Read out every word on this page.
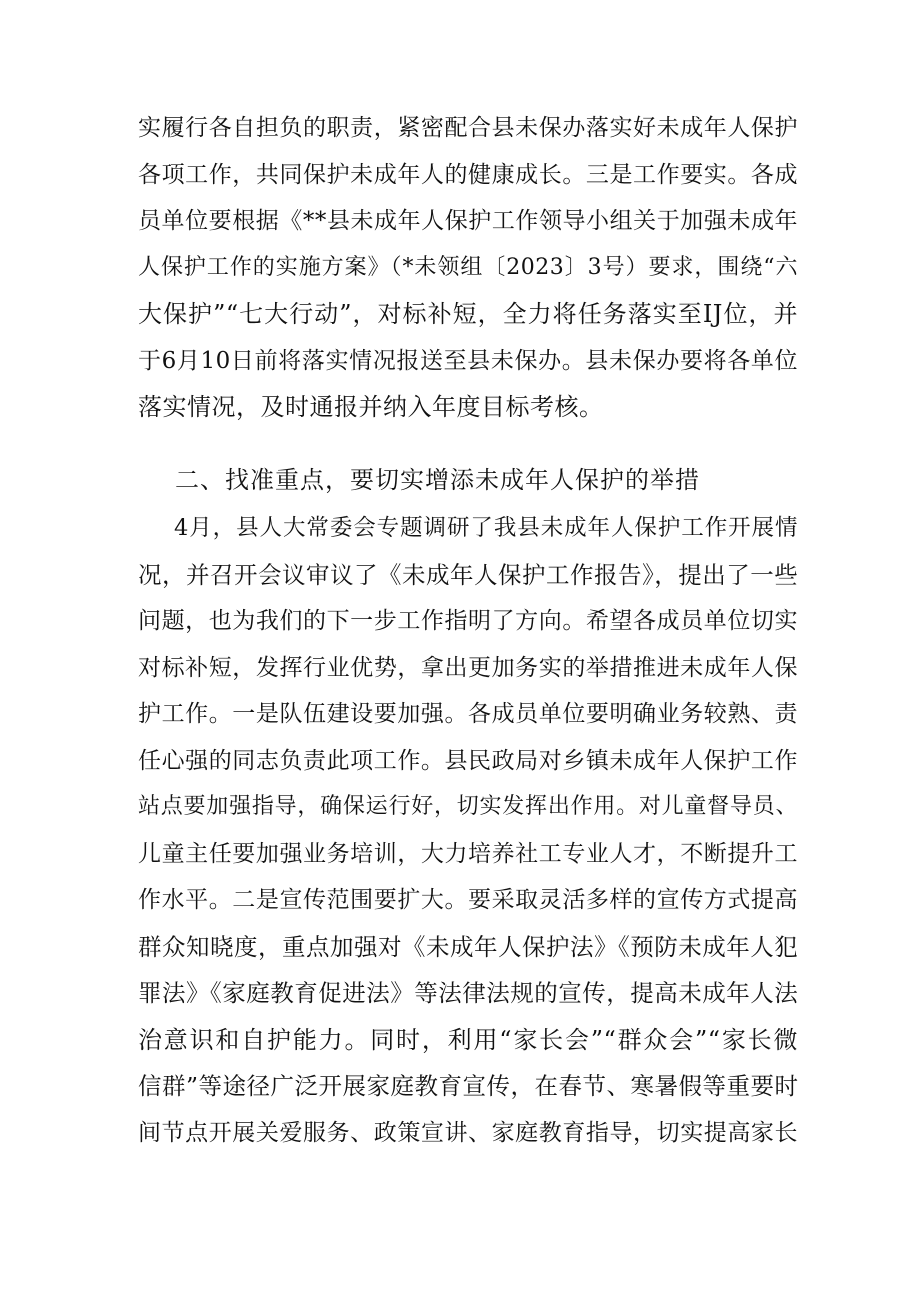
实履行各自担负的职责，紧密配合县未保办落实好未成年人保护
各项工作，共同保护未成年人的健康成长。三是工作要实。各成
员单位要根据《**县未成年人保护工作领导小组关于加强未成年
人保护工作的实施方案》（*未领组〔2023〕3号）要求，围绕“六
大保护”“七大行动”，对标补短，全力将任务落实至IJ位，并
于6月10日前将落实情况报送至县未保办。县未保办要将各单位
落实情况，及时通报并纳入年度目标考核。
二、找准重点，要切实增添未成年人保护的举措
4月，县人大常委会专题调研了我县未成年人保护工作开展情
况，并召开会议审议了《未成年人保护工作报告》，提出了一些
问题，也为我们的下一步工作指明了方向。希望各成员单位切实
对标补短，发挥行业优势，拿出更加务实的举措推进未成年人保
护工作。一是队伍建设要加强。各成员单位要明确业务较熟、责
任心强的同志负责此项工作。县民政局对乡镇未成年人保护工作
站点要加强指导，确保运行好，切实发挥出作用。对儿童督导员、
儿童主任要加强业务培训，大力培养社工专业人才，不断提升工
作水平。二是宣传范围要扩大。要采取灵活多样的宣传方式提高
群众知晓度，重点加强对《未成年人保护法》《预防未成年人犯
罪法》《家庭教育促进法》等法律法规的宣传，提高未成年人法
治意识和自护能力。同时，利用“家长会”“群众会”“家长微
信群”等途径广泛开展家庭教育宣传，在春节、寒暑假等重要时
间节点开展关爱服务、政策宣讲、家庭教育指导，切实提高家长
